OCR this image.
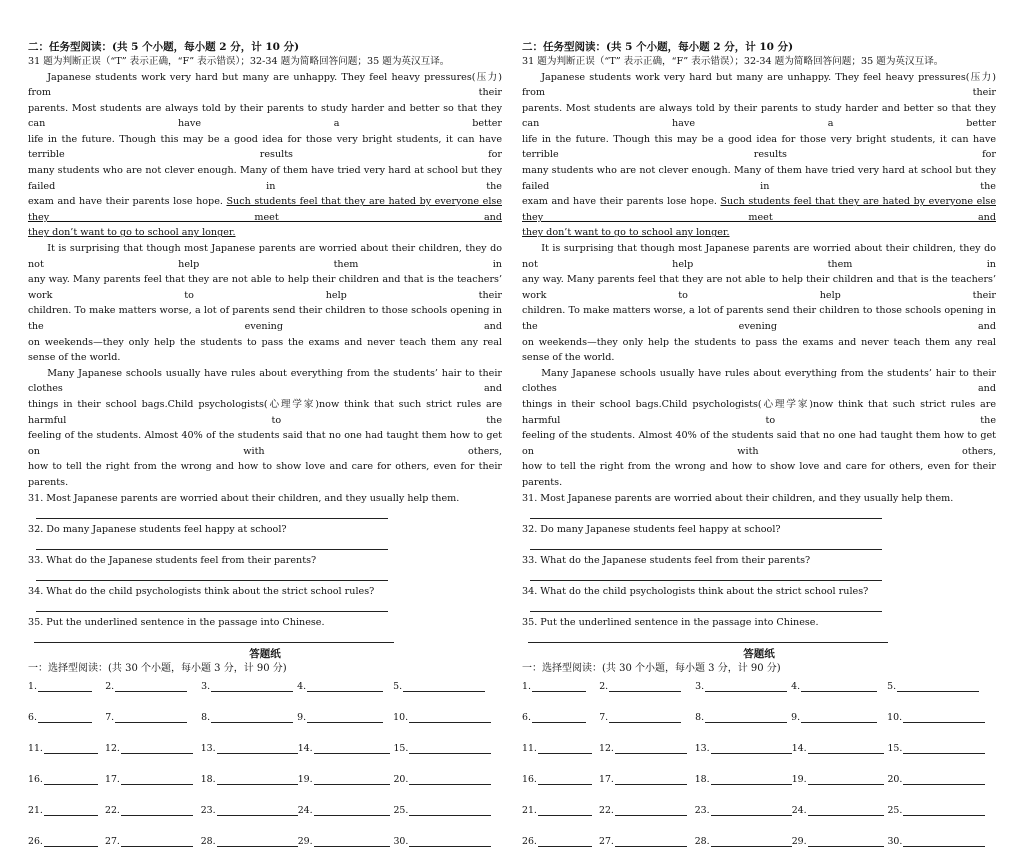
二：任务型阅读：(共 5 个小题，每小题 2 分，计 10 分)
31 题为判断正误（“T” 表示正确，“F” 表示错误）；32-34 题为简略回答问题；35 题为英汉互译。

Japanese students work very hard but many are unhappy. They feel heavy pressures(压力) from their

parents. Most students are always told by their parents to study harder and better so that they can have a better

life in the future. Though this may be a good idea for those very bright students, it can have terrible results for

many students who are not clever enough. Many of them have tried very hard at school but they failed in the

exam and have their parents lose hope. Such students feel that they are hated by everyone else they meet and

they don’t want to go to school any longer.

It is surprising that though most Japanese parents are worried about their children, they do not help them in

any way. Many parents feel that they are not able to help their children and that is the teachers’ work to help their

children. To make matters worse, a lot of parents send their children to those schools opening in the evening and

on weekends—they only help the students to pass the exams and never teach them any real sense of the world.

Many Japanese schools usually have rules about everything from the students’ hair to their clothes and

things in their school bags.Child psychologists(心理学家)now think that such strict rules are harmful to the

feeling of the students. Almost 40% of the students said that no one had taught them how to get on with others,

how to tell the right from the wrong and how to show love and care for others, even for their parents.

31. Most Japanese parents are worried about their children, and they usually help them.
32. Do many Japanese students feel happy at school?
33. What do the Japanese students feel from their parents?
34. What do the child psychologists think about the strict school rules?
35. Put the underlined sentence in the passage into Chinese.
答题纸
一：选择型阅读：(共 30 个小题，每小题 3 分，计 90 分)
1.	2.	3.	4.	5.
6.	7.	8.	9.	10.
11.	12.	13.	14.	15.
16.	17.	18.	19.	20.
21.	22.	23.	24.	25.
26.	27.	28.	29.	30.
二：任务型阅读：(共 5 个小题，每小题 2 分，计 10 分)
31 题为判断正误（“T” 表示正确，“F” 表示错误）；32-34 题为简略回答问题；35 题为英汉互译。

Japanese students work very hard but many are unhappy. They feel heavy pressures(压力) from their

parents. Most students are always told by their parents to study harder and better so that they can have a better

life in the future. Though this may be a good idea for those very bright students, it can have terrible results for

many students who are not clever enough. Many of them have tried very hard at school but they failed in the

exam and have their parents lose hope. Such students feel that they are hated by everyone else they meet and

they don’t want to go to school any longer.

It is surprising that though most Japanese parents are worried about their children, they do not help them in

any way. Many parents feel that they are not able to help their children and that is the teachers’ work to help their

children. To make matters worse, a lot of parents send their children to those schools opening in the evening and

on weekends—they only help the students to pass the exams and never teach them any real sense of the world.

Many Japanese schools usually have rules about everything from the students’ hair to their clothes and

things in their school bags.Child psychologists(心理学家)now think that such strict rules are harmful to the

feeling of the students. Almost 40% of the students said that no one had taught them how to get on with others,

how to tell the right from the wrong and how to show love and care for others, even for their parents.

31. Most Japanese parents are worried about their children, and they usually help them.
32. Do many Japanese students feel happy at school?
33. What do the Japanese students feel from their parents?
34. What do the child psychologists think about the strict school rules?
35. Put the underlined sentence in the passage into Chinese.
答题纸
一：选择型阅读：(共 30 个小题，每小题 3 分，计 90 分)
1.	2.	3.	4.	5.
6.	7.	8.	9.	10.
11.	12.	13.	14.	15.
16.	17.	18.	19.	20.
21.	22.	23.	24.	25.
26.	27.	28.	29.	30.
